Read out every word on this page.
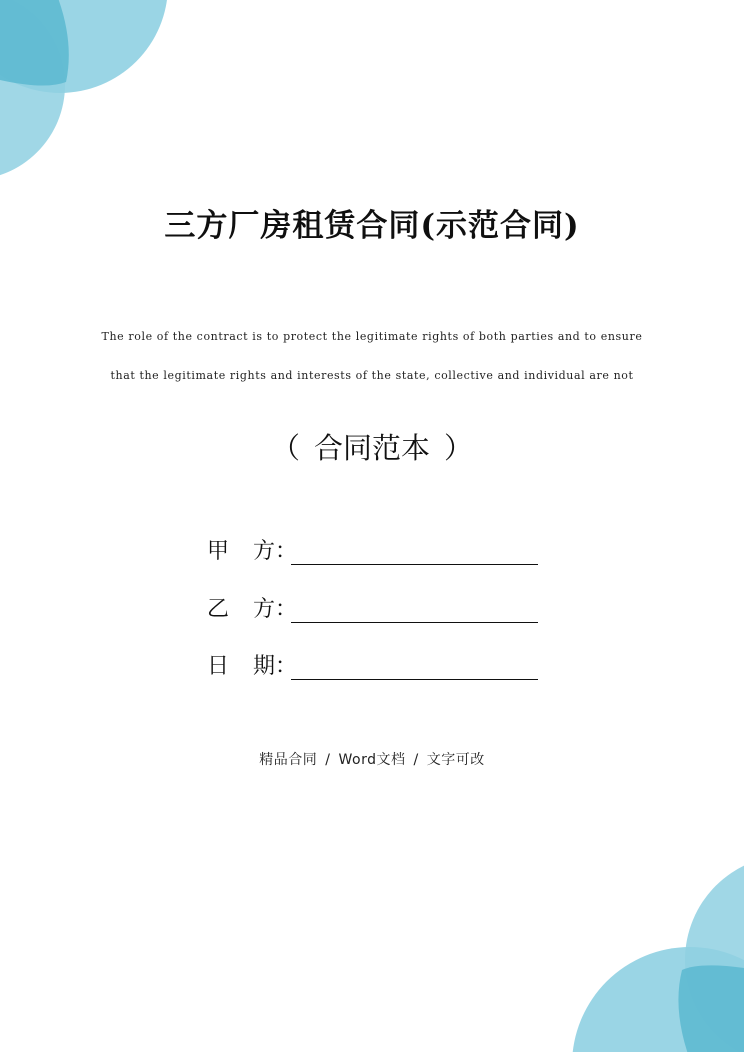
三方厂房租赁合同(示范合同)
The role of the contract is to protect the legitimate rights of both parties and to ensure
that the legitimate rights and interests of the state, collective and individual are not
（ 合同范本 ）
甲	方 ：
乙	方 ：
日	期 ：
精品合同 / Word文档 / 文字可改
